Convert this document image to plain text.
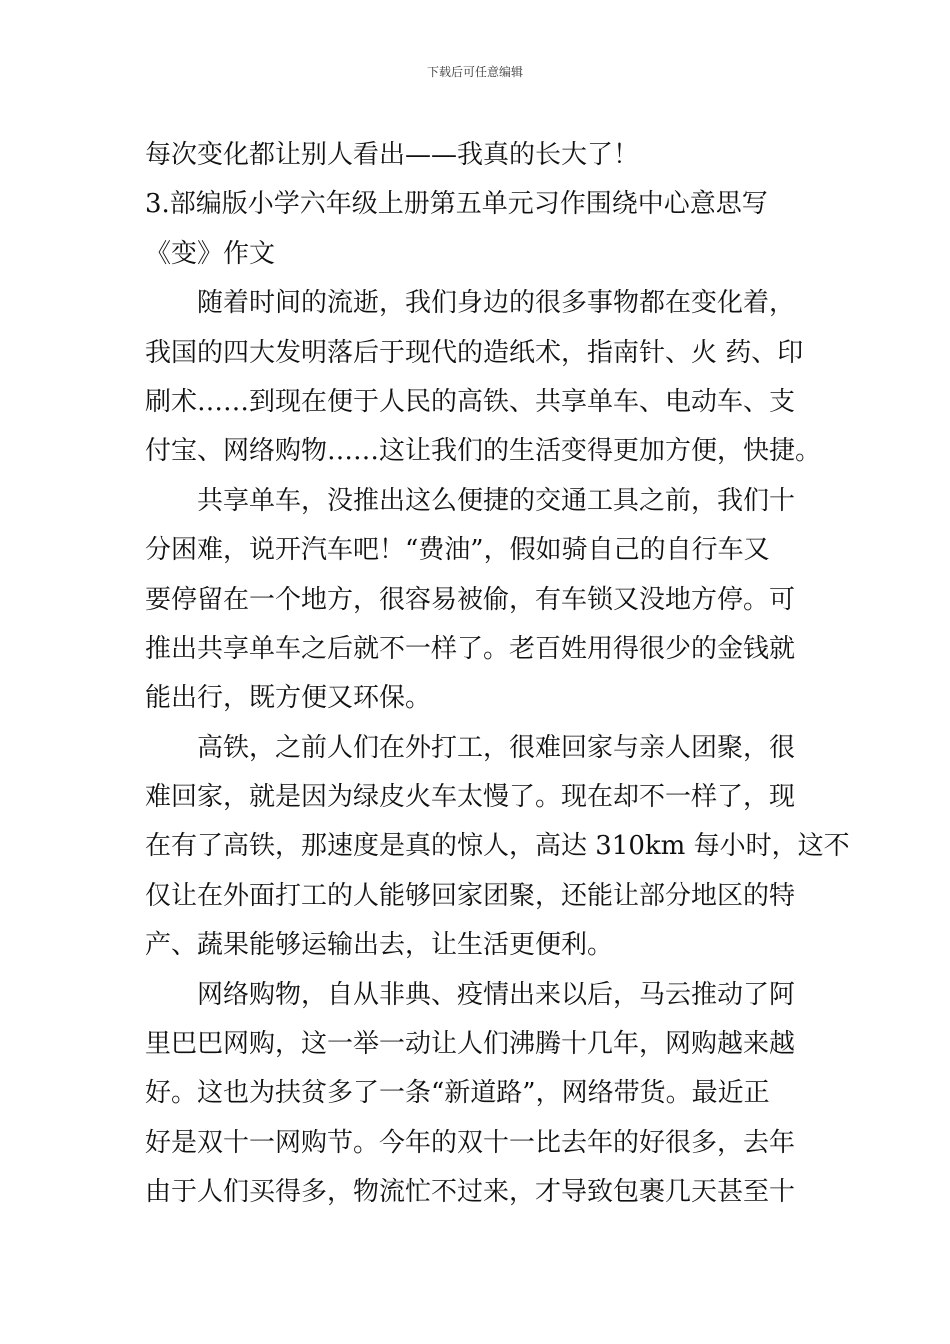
下载后可任意编辑
每次变化都让别人看出——我真的长大了！
3.部编版小学六年级上册第五单元习作围绕中心意思写
《变》作文
随着时间的流逝，我们身边的很多事物都在变化着，
我国的四大发明落后于现代的造纸术，指南针、火 药、印
刷术……到现在便于人民的高铁、共享单车、电动车、支
付宝、网络购物……这让我们的生活变得更加方便，快捷。
共享单车，没推出这么便捷的交通工具之前，我们十
分困难，说开汽车吧！“费油”，假如骑自己的自行车又
要停留在一个地方，很容易被偷，有车锁又没地方停。可
推出共享单车之后就不一样了。老百姓用得很少的金钱就
能出行，既方便又环保。
高铁，之前人们在外打工，很难回家与亲人团聚，很
难回家，就是因为绿皮火车太慢了。现在却不一样了，现
在有了高铁，那速度是真的惊人，高达 310km 每小时，这不
仅让在外面打工的人能够回家团聚，还能让部分地区的特
产、蔬果能够运输出去，让生活更便利。
网络购物，自从非典、疫情出来以后，马云推动了阿
里巴巴网购，这一举一动让人们沸腾十几年，网购越来越
好。这也为扶贫多了一条“新道路”，网络带货。最近正
好是双十一网购节。今年的双十一比去年的好很多，去年
由于人们买得多，物流忙不过来，才导致包裹几天甚至十
